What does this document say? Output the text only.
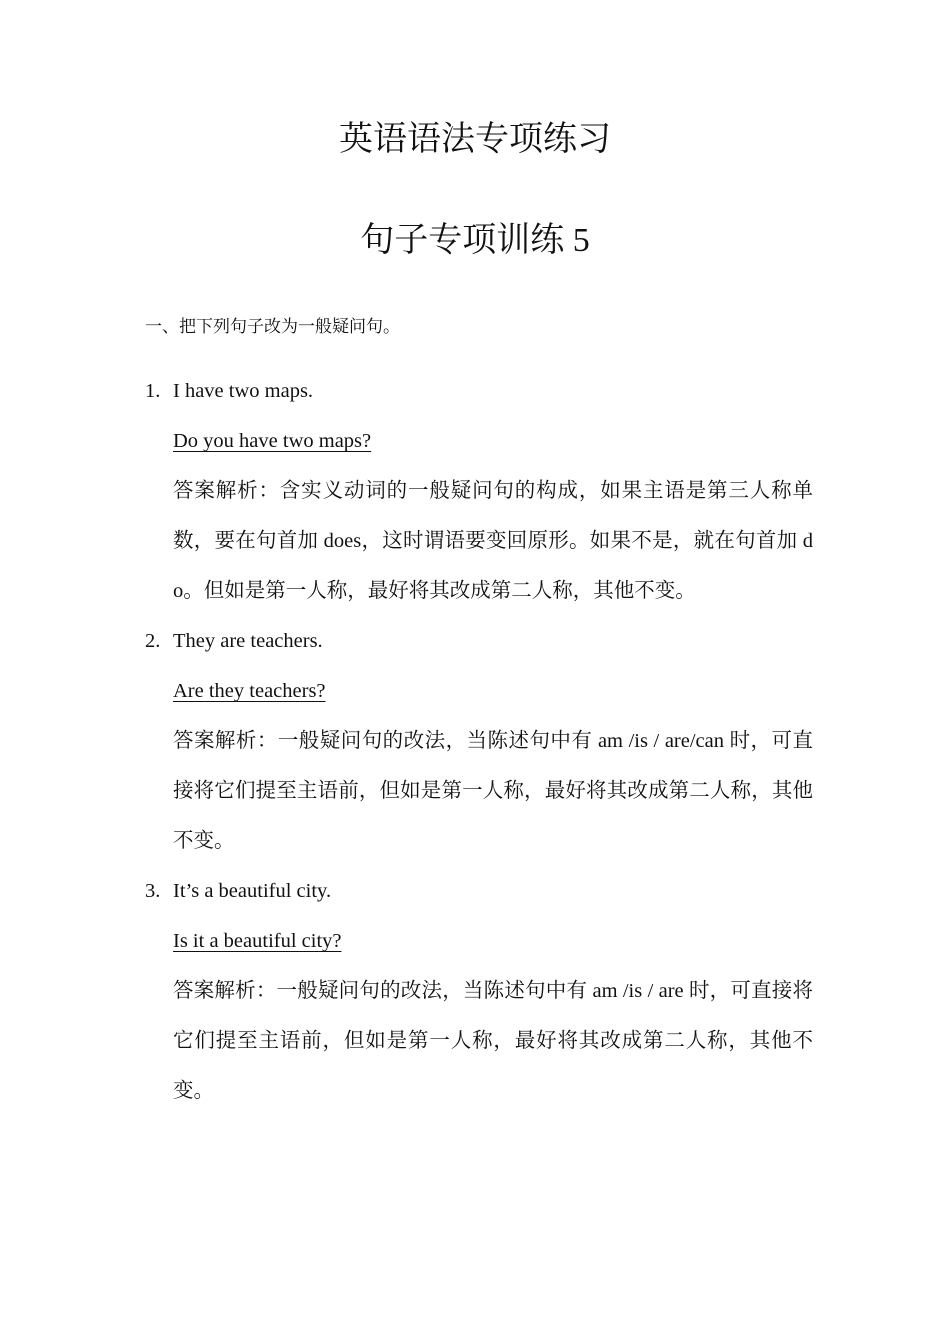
英语语法专项练习
句子专项训练 5

一、把下列句子改为一般疑问句。

1. I have two maps.
Do you have two maps?

答案解析：含实义动词的一般疑问句的构成，如果主语是第三人称单数，要在句首加 does，这时谓语要变回原形。如果不是，就在句首加 do。但如是第一人称，最好将其改成第二人称，其他不变。

2. They are teachers.
Are they teachers?

答案解析：一般疑问句的改法，当陈述句中有 am /is / are/can 时，可直接将它们提至主语前，但如是第一人称，最好将其改成第二人称，其他不变。

3. It’s a beautiful city.
Is it a beautiful city?

答案解析：一般疑问句的改法，当陈述句中有 am /is / are 时，可直接将它们提至主语前，但如是第一人称，最好将其改成第二人称，其他不变。
